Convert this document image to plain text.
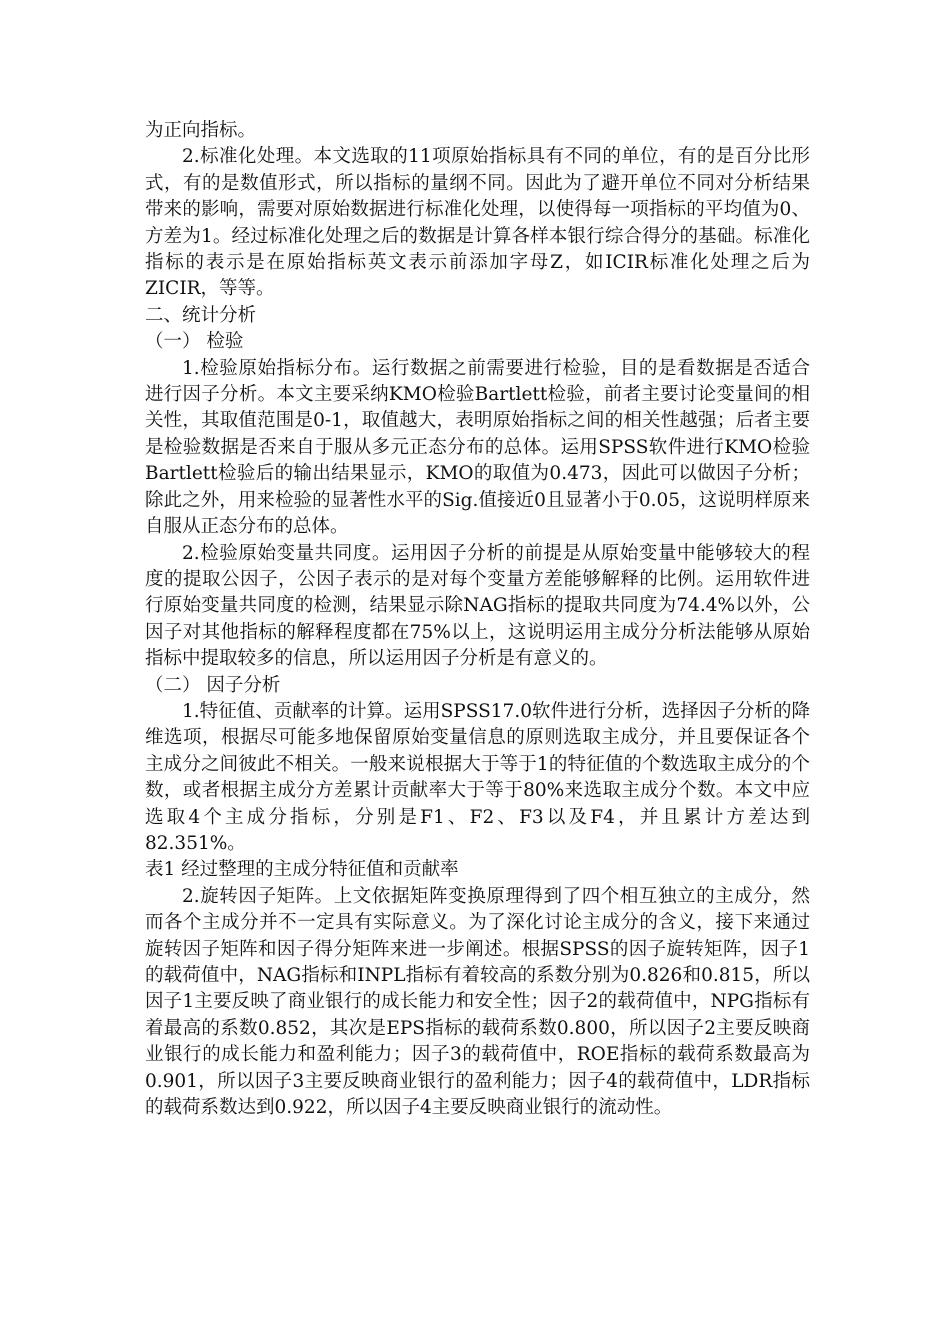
为正向指标。

2.标准化处理。本文选取的11项原始指标具有不同的单位，有的是百分比形式，有的是数值形式，所以指标的量纲不同。因此为了避开单位不同对分析结果带来的影响，需要对原始数据进行标准化处理，以使得每一项指标的平均值为0、方差为1。经过标准化处理之后的数据是计算各样本银行综合得分的基础。标准化指标的表示是在原始指标英文表示前添加字母Z，如ICIR标准化处理之后为ZICIR，等等。

二、统计分析

（一） 检验

1.检验原始指标分布。运行数据之前需要进行检验，目的是看数据是否适合进行因子分析。本文主要采纳KMO检验Bartlett检验，前者主要讨论变量间的相关性，其取值范围是0-1，取值越大，表明原始指标之间的相关性越强；后者主要是检验数据是否来自于服从多元正态分布的总体。运用SPSS软件进行KMO检验Bartlett检验后的输出结果显示，KMO的取值为0.473，因此可以做因子分析；除此之外，用来检验的显著性水平的Sig.值接近0且显著小于0.05，这说明样原来自服从正态分布的总体。

2.检验原始变量共同度。运用因子分析的前提是从原始变量中能够较大的程度的提取公因子，公因子表示的是对每个变量方差能够解释的比例。运用软件进行原始变量共同度的检测，结果显示除NAG指标的提取共同度为74.4%以外，公因子对其他指标的解释程度都在75%以上，这说明运用主成分分析法能够从原始指标中提取较多的信息，所以运用因子分析是有意义的。

（二） 因子分析

1.特征值、贡献率的计算。运用SPSS17.0软件进行分析，选择因子分析的降维选项，根据尽可能多地保留原始变量信息的原则选取主成分，并且要保证各个主成分之间彼此不相关。一般来说根据大于等于1的特征值的个数选取主成分的个数，或者根据主成分方差累计贡献率大于等于80%来选取主成分个数。本文中应选取4个主成分指标，分别是F1、F2、F3以及F4，并且累计方差达到82.351%。

表1 经过整理的主成分特征值和贡献率

2.旋转因子矩阵。上文依据矩阵变换原理得到了四个相互独立的主成分，然而各个主成分并不一定具有实际意义。为了深化讨论主成分的含义，接下来通过旋转因子矩阵和因子得分矩阵来进一步阐述。根据SPSS的因子旋转矩阵，因子1的载荷值中，NAG指标和INPL指标有着较高的系数分别为0.826和0.815，所以因子1主要反映了商业银行的成长能力和安全性；因子2的载荷值中，NPG指标有着最高的系数0.852，其次是EPS指标的载荷系数0.800，所以因子2主要反映商业银行的成长能力和盈利能力；因子3的载荷值中，ROE指标的载荷系数最高为0.901，所以因子3主要反映商业银行的盈利能力；因子4的载荷值中，LDR指标的载荷系数达到0.922，所以因子4主要反映商业银行的流动性。
